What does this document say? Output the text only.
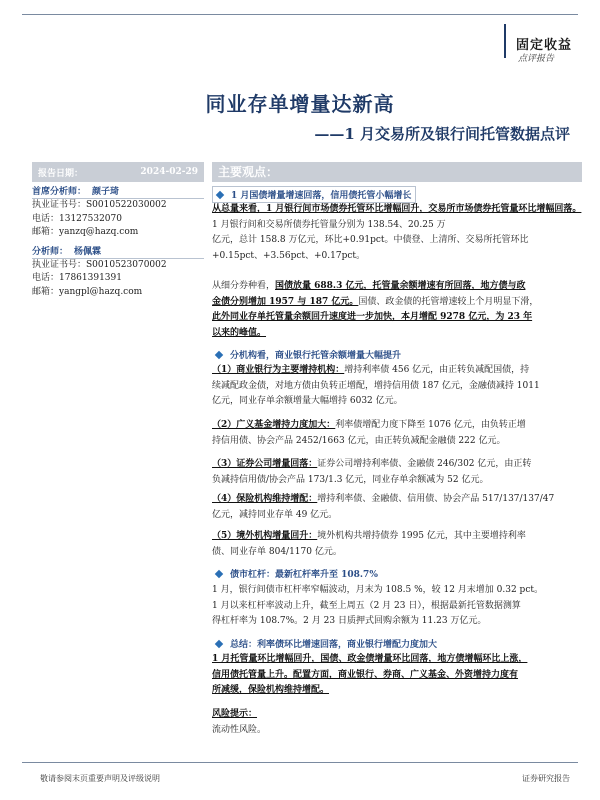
固定收益
点评报告
同业存单增量达新高
——1 月交易所及银行间托管数据点评
报告日期：	2024-02-29
首席分析师： 颜子琦
执业证书号：S0010522030002
电话：13127532070
邮箱：yanzq@hazq.com
分析师： 杨佩霖
执业证书号：S0010523070002
电话：17861391391
邮箱：yangpl@hazq.com
主要观点：
1 月国债增量增速回落，信用债托管小幅增长
从总量来看，1 月银行间市场债券托管环比增幅回升，交易所市场债券托管量环比增幅回落。1 月银行间和交易所债券托管量分别为 138.54、20.25 万
亿元，总计 158.8 万亿元，环比+0.91pct。中债登、上清所、交易所托管环比
+0.15pct、+3.56pct、+0.17pct。
从细分券种看，国债放量 688.3 亿元，托管量余额增速有所回落，地方债与政
金债分别增加 1957 与 187 亿元。国债、政金债的托管增速较上个月明显下滑，
此外同业存单托管量余额回升速度进一步加快，本月增配 9278 亿元，为 23 年
以来的峰值。
分机构看，商业银行托管余额增量大幅提升
（1）商业银行为主要增持机构：增持利率债 456 亿元，由正转负减配国债，持
续减配政金债，对地方债由负转正增配，增持信用债 187 亿元，金融债减持 1011
亿元，同业存单余额增量大幅增持 6032 亿元。
（2）广义基金增持力度加大：利率债增配力度下降至 1076 亿元，由负转正增
持信用债、协会产品 2452/1663 亿元，由正转负减配金融债 222 亿元。
（3）证券公司增量回落：证券公司增持利率债、金融债 246/302 亿元，由正转
负减持信用债/协会产品 173/1.3 亿元，同业存单余额减为 52 亿元。
（4）保险机构维持增配：增持利率债、金融债、信用债、协会产品 517/137/137/47
亿元，减持同业存单 49 亿元。
（5）境外机构增量回升：境外机构共增持债券 1995 亿元，其中主要增持利率
债、同业存单 804/1170 亿元。
债市杠杆：最新杠杆率升至 108.7%
1 月，银行间债市杠杆率窄幅波动，月末为 108.5 %，较 12 月末增加 0.32 pct。
1 月以来杠杆率波动上升，截至上周五（2 月 23 日），根据最新托管数据测算
得杠杆率为 108.7%。2 月 23 日质押式回购余额为 11.23 万亿元。
总结：利率债环比增速回落，商业银行增配力度加大
1 月托管量环比增幅回升，国债、政金债增量环比回落，地方债增幅环比上涨，
信用债托管量上升。配置方面，商业银行、券商、广义基金、外资增持力度有
所减缓，保险机构维持增配。
风险提示：
流动性风险。
敬请参阅末页重要声明及评级说明	证券研究报告
